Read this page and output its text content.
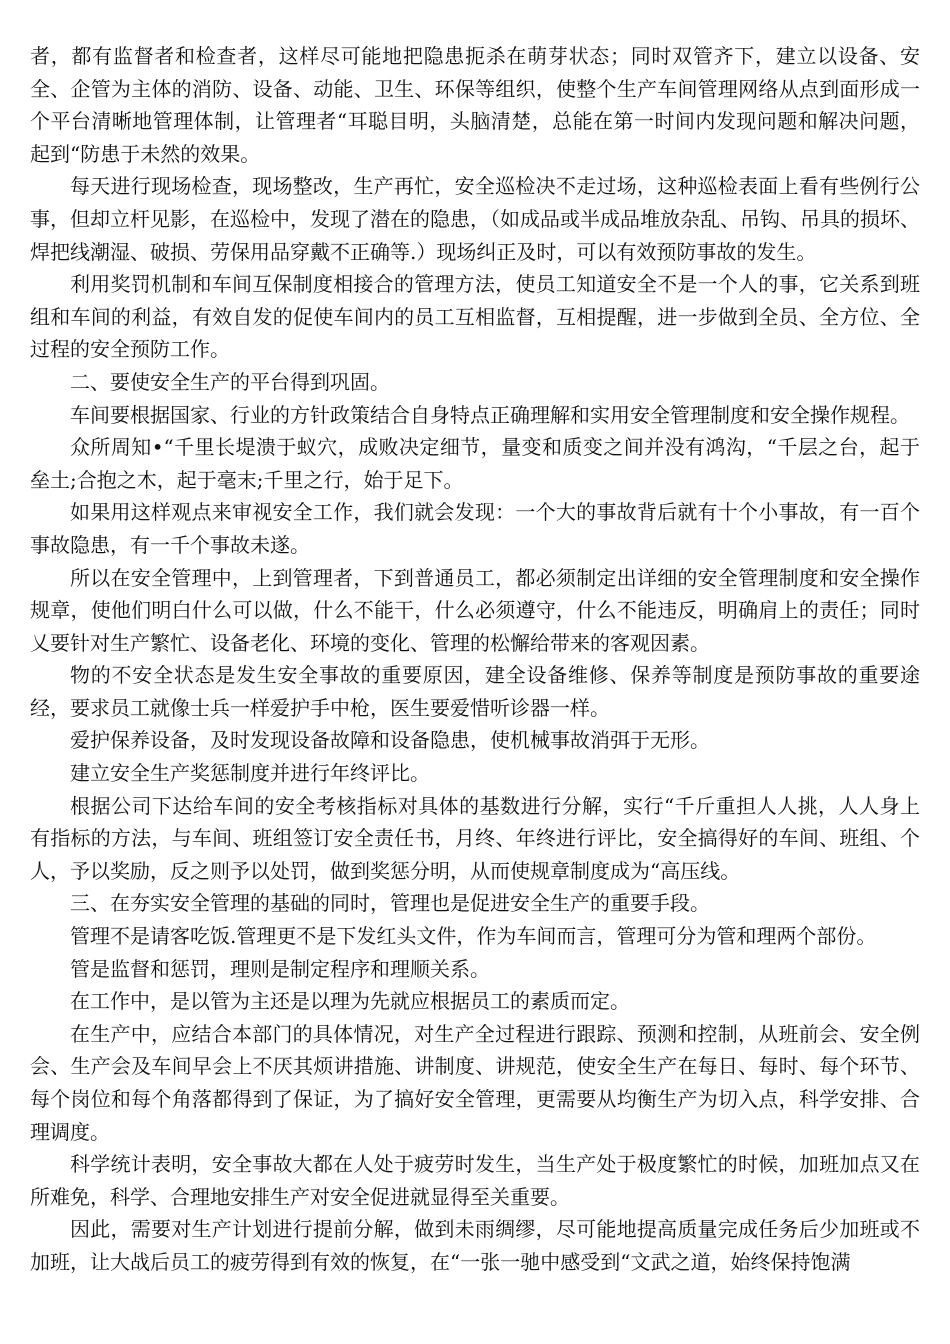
者，都有监督者和检查者，这样尽可能地把隐患扼杀在萌芽状态；同时双管齐下，建立以设备、安全、企管为主体的消防、设备、动能、卫生、环保等组织，使整个生产车间管理网络从点到面形成一个平台清晰地管理体制，让管理者“耳聪目明，头脑清楚，总能在第一时间内发现问题和解决问题，起到“防患于未然的效果。

每天进行现场检查，现场整改，生产再忙，安全巡检决不走过场，这种巡检表面上看有些例行公事，但却立杆见影，在巡检中，发现了潜在的隐患，（如成品或半成品堆放杂乱、吊钩、吊具的损坏、焊把线潮湿、破损、劳保用品穿戴不正确等.）现场纠正及时，可以有效预防事故的发生。

利用奖罚机制和车间互保制度相接合的管理方法，使员工知道安全不是一个人的事，它关系到班组和车间的利益，有效自发的促使车间内的员工互相监督，互相提醒，进一步做到全员、全方位、全过程的安全预防工作。

二、要使安全生产的平台得到巩固。

车间要根据国家、行业的方针政策结合自身特点正确理解和实用安全管理制度和安全操作规程。

众所周知•“千里长堤溃于蚁穴，成败决定细节，量变和质变之间并没有鸿沟，“千层之台，起于垒土;合抱之木，起于毫末;千里之行，始于足下。

如果用这样观点来审视安全工作，我们就会发现：一个大的事故背后就有十个小事故，有一百个事故隐患，有一千个事故未遂。

所以在安全管理中，上到管理者，下到普通员工，都必须制定出详细的安全管理制度和安全操作规章，使他们明白什么可以做，什么不能干，什么必须遵守，什么不能违反，明确肩上的责任；同时乂要针对生产繁忙、设备老化、环境的变化、管理的松懈给带来的客观因素。

物的不安全状态是发生安全事故的重要原因，建全设备维修、保养等制度是预防事故的重要途经，要求员工就像士兵一样爱护手中枪，医生要爱惜听诊器一样。

爱护保养设备，及时发现设备故障和设备隐患，使机械事故消弭于无形。

建立安全生产奖惩制度并进行年终评比。

根据公司下达给车间的安全考核指标对具体的基数进行分解，实行“千斤重担人人挑，人人身上有指标的方法，与车间、班组签订安全责任书，月终、年终进行评比，安全搞得好的车间、班组、个人，予以奖励，反之则予以处罚，做到奖惩分明，从而使规章制度成为“高压线。

三、在夯实安全管理的基础的同时，管理也是促进安全生产的重要手段。

管理不是请客吃饭.管理更不是下发红头文件，作为车间而言，管理可分为管和理两个部份。

管是监督和惩罚，理则是制定程序和理顺关系。

在工作中，是以管为主还是以理为先就应根据员工的素质而定。

在生产中，应结合本部门的具体情况，对生产全过程进行跟踪、预测和控制，从班前会、安全例会、生产会及车间早会上不厌其烦讲措施、讲制度、讲规范，使安全生产在每日、每时、每个环节、每个岗位和每个角落都得到了保证，为了搞好安全管理，更需要从均衡生产为切入点，科学安排、合理调度。

科学统计表明，安全事故大都在人处于疲劳时发生，当生产处于极度繁忙的时候，加班加点又在所难免，科学、合理地安排生产对安全促进就显得至关重要。

因此，需要对生产计划进行提前分解，做到未雨绸缪，尽可能地提高质量完成任务后少加班或不加班，让大战后员工的疲劳得到有效的恢复，在“一张一驰中感受到“文武之道，始终保持饱满
